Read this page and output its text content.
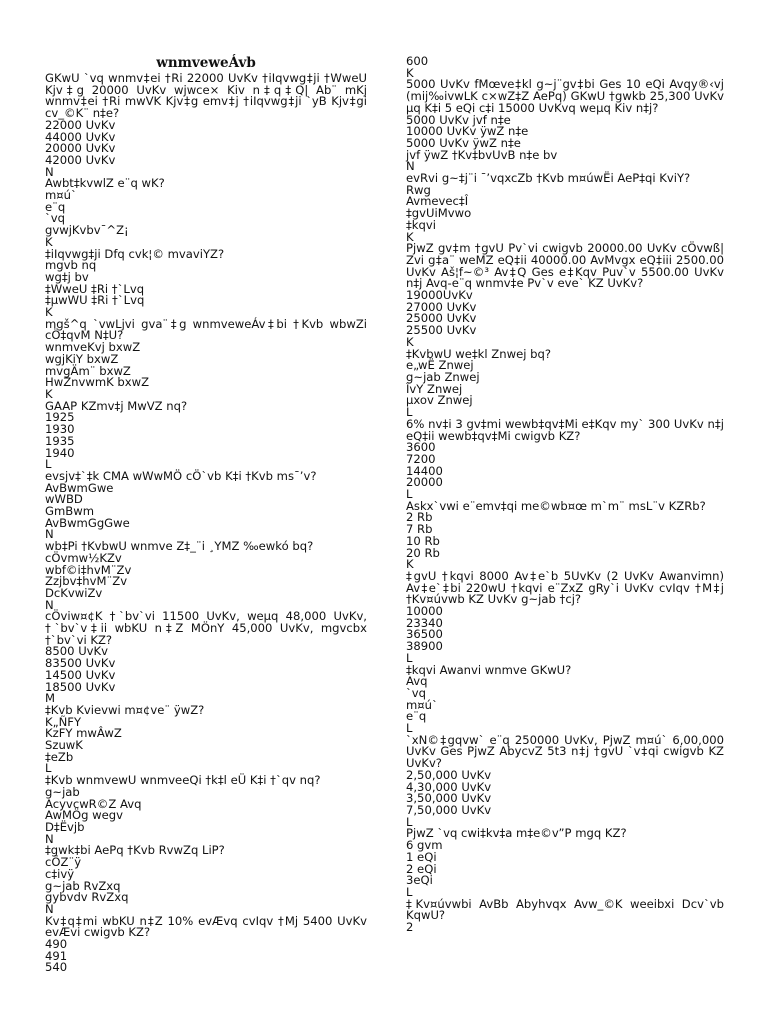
wnmveweÁvb
GKwU `vq wnmv‡ei †Ri 22000 UvKv †iIqvwg‡ji †WweU Kjv‡g 20000 UvKv wjwce× Kiv n‡q‡Q| Ab¨ mKj wnmv‡ei †Ri mwVK Kjv‡g emv‡j †iIqvwg‡ji `yB Kjv‡gi cv_©K¨ n‡e?
22000 UvKv
44000 UvKv
20000 UvKv
42000 UvKv
N
Awbt‡kvwlZ e¨q wK?
m¤ú`
e¨q
`vq
gvwjKvbv¯^Z¡
K
‡iIqvwg‡ji Dfq cvk¦© mvaviYZ?
mgvb nq
wg‡j bv
‡WweU ‡Ri †`Lvq
‡µwWU ‡Ri †`Lvq
K
mgš^q `vwLjvi gva¨‡g wnmveweÁv‡bi †Kvb wbwZi cÖ‡qvM N‡U?
wnmveKvj bxwZ
wgjKiY bxwZ
mvgÄm¨ bxwZ
HwZnvwmK bxwZ
K
GAAP KZmv‡j MwVZ nq?
1925
1930
1935
1940
L
evsjv‡`‡k CMA wWwMÖ cÖ`vb K‡i †Kvb ms¯’v?
AvBwmGwe
wWBD
GmBwm
AvBwmGgGwe
N
wb‡Pi †KvbwU wnmve Z‡_¨i ¸YMZ ‰ewkó bq?
cÖvmw½KZv
wbf©i‡hvM¨Zv
Zzjbv‡hvM¨Zv
DcKvwiZv
N
cÖviw¤¢K †`bv`vi 11500 UvKv, weµq 48,000 UvKv, †`bv`v‡ii wbKU n‡Z MÖnY 45,000 UvKv, mgvcbx †`bv`vi KZ?
8500 UvKv
83500 UvKv
14500 UvKv
18500 UvKv
M
‡Kvb Kvievwi m¤¢ve¨ ÿwZ?
K„ÑFY
KzFY mwÂwZ
SzuwK
‡eZb
L
‡Kvb wnmvewU wnmveeQi †k‡l eÜ K‡i †`qv nq?
g~jab
AcyvcwR©Z Avq
AwMÖg wegv
D‡Ëvjb
N
‡gwk‡bi AePq †Kvb RvwZq LiP?
cÖZ¨ÿ
c‡ivÿ
g~jab RvZxq
gybvdv RvZxq
N
Kv‡q‡mi wbKU n‡Z 10% evÆvq cvIqv †Mj 5400 UvKv evÆvi cwigvb KZ?
490
491
540
600
K
5000 UvKv fMœve‡kl g~j¨gv‡bi Ges 10 eQi Avqy®‹vj (mij‰ivwLK c×wZ‡Z AePq) GKwU †gwkb 25,300 UvKv µq K‡i 5 eQi c‡i 15000 UvKvq weµq Kiv n‡j?
5000 UvKv jvf n‡e
10000 UvKv ÿwZ n‡e
5000 UvKv ÿwZ n‡e
jvf ÿwZ †Kv‡bvUvB n‡e bv
N
evRvi g~‡j¨i ¯’vqxcZb †Kvb m¤úwËi AeP‡qi KviY?
Rwg
Avmevec‡Î
‡gvUiMvwo
‡kqvi
K
PjwZ gv‡m †gvU Pv`vi cwigvb 20000.00 UvKv cÖvwß| Zvi g‡a¨ weMZ eQ‡ii 40000.00 AvMvgx eQ‡iii 2500.00 UvKv Aš¦f~©³ Av‡Q Ges e‡Kqv Puv`v 5500.00 UvKv n‡j Avq-e¨q wnmv‡e Pv`v eve` KZ UvKv?
19000UvKv
27000 UvKv
25000 UvKv
25500 UvKv
K
‡KvbwU we‡kl Znwej bq?
e„wË Znwej
g~jab Znwej
ÎvY Znwej
µxov Znwej
L
6% nv‡i 3 gv‡mi wewb‡qv‡Mi e‡Kqv my` 300 UvKv n‡j eQ‡ii wewb‡qv‡Mi cwigvb KZ?
3600
7200
14400
20000
L
Askx`vwi e¨emv‡qi me©wb¤œ m`m¨ msL¨v KZRb?
2 Rb
7 Rb
10 Rb
20 Rb
K
‡gvU †kqvi 8000 Av‡e`b 5UvKv (2 UvKv Awanvimn) Av‡e`‡bi 220wU †kqvi e¨ZxZ gRy`i UvKv cvIqv †M‡j †Kv¤úvwb KZ UvKv g~jab †cj?
10000
23340
36500
38900
L
‡kqvi Awanvi wnmve GKwU?
Avq
`vq
m¤ú`
e¨q
L
`xN©‡gqvw` e¨q 250000 UvKv, PjwZ m¤ú` 6,00,000 UvKv Ges PjwZ AbycvZ 5t3 n‡j †gvU `v‡qi cwigvb KZ UvKv?
2,50,000 UvKv
4,30,000 UvKv
3,50,000 UvKv
7,50,000 UvKv
L
PjwZ `vq cwi‡kv‡a m‡e©v”P mgq KZ?
6 gvm
1 eQi
2 eQi
3eQi
L
‡Kv¤úvwbi AvBb Abyhvqx Avw_©K weeibxi Dcv`vb KqwU?
2
